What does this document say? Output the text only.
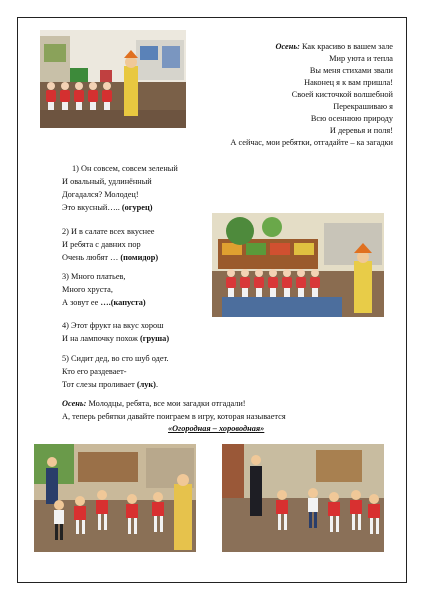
Осень: Как красиво в вашем зале
Мир уюта и тепла
Вы меня стихами звали
Наконец я к вам пришла!
Своей кисточкой волшебной
Перекрашиваю я
Всю осеннюю природу
И деревья и поля!
А сейчас, мои ребятки, отгадайте – ка загадки
1) Он совсем, совсем зеленый
И овальный, удлинённый
Догадался? Молодец!
Это вкусный….. (огурец)
2) И в салате всех вкуснее
И ребята с давних пор
Очень любят … (помидор)
3) Много платьев,
Много хруста,
А зовут ее ….(капуста)
4) Этот фрукт на вкус хорош
И на лампочку похож (груша)
5) Сидит дед, во сто шуб одет.
Кто его раздевает-
Тот слезы проливает (лук).
Осень: Молодцы, ребята, все мои загадки отгадали!
А, теперь ребятки давайте поиграем в игру, которая называется
«Огородная – хороводная»
